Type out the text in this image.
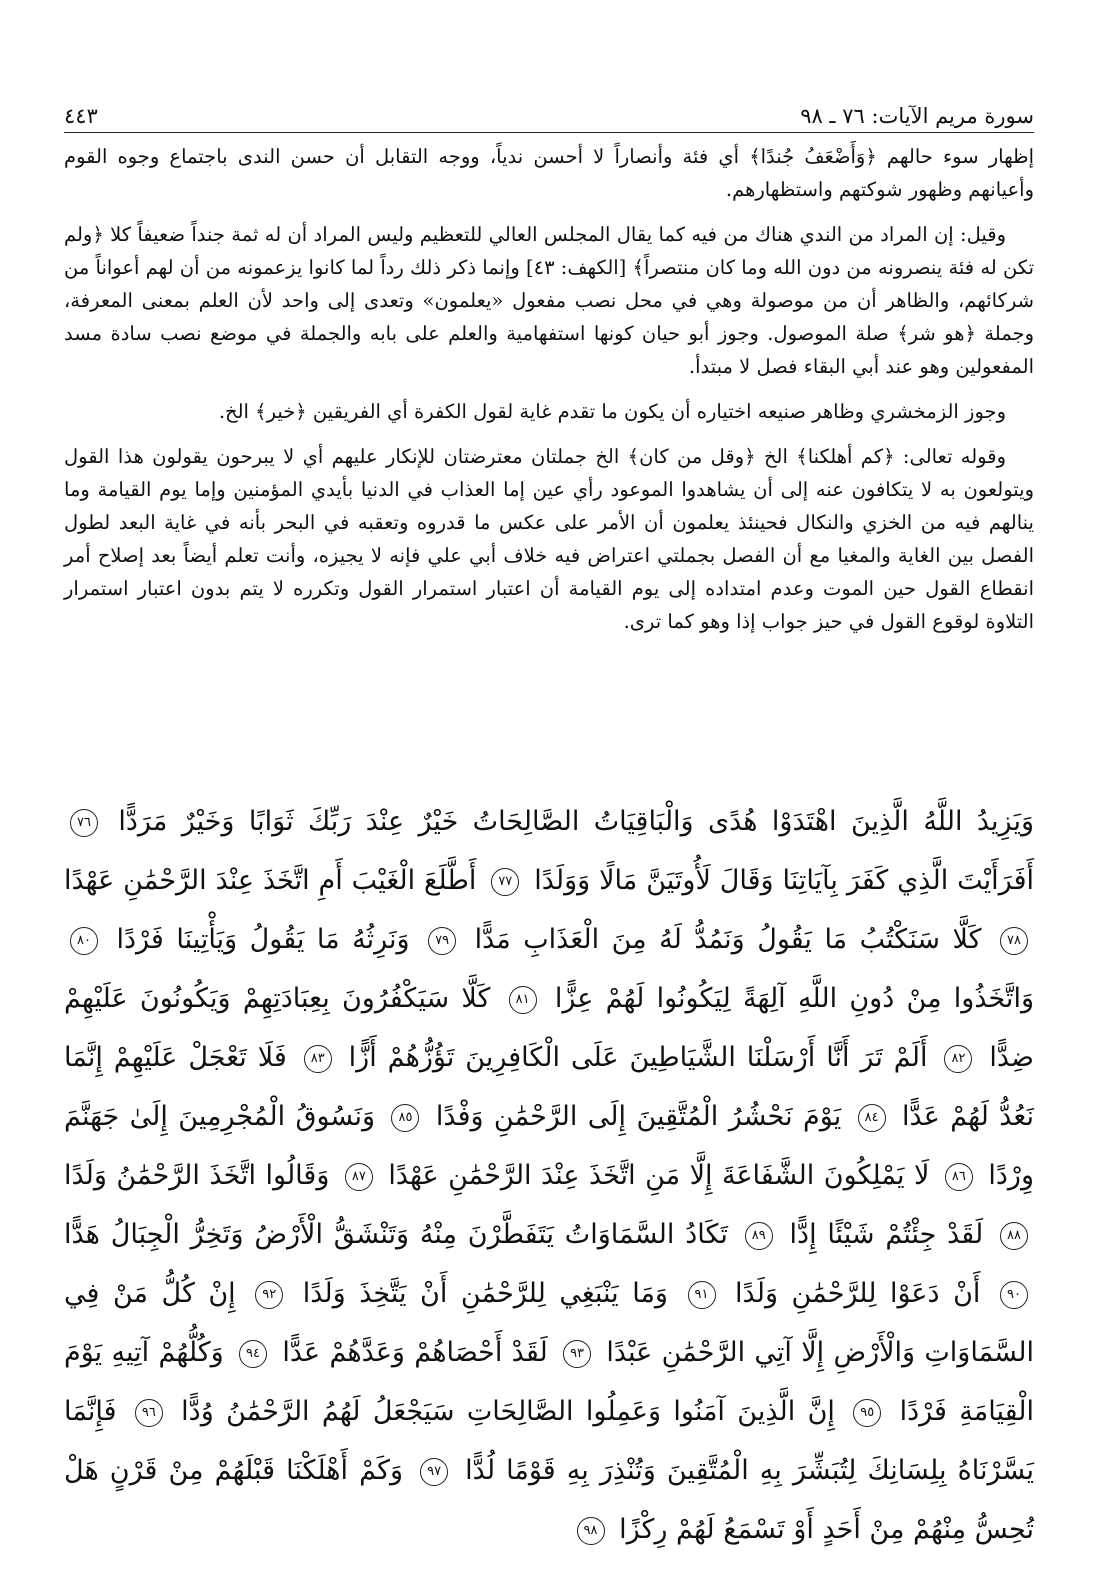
سورة مريم الآيات: ٧٦ ـ ٩٨
٤٤٣

إظهار سوء حالهم ﴿وَأَضْعَفُ جُندًا﴾ أي فئة وأنصاراً لا أحسن ندياً، ووجه التقابل أن حسن الندى باجتماع وجوه القوم وأعيانهم وظهور شوكتهم واستظهارهم.

وقيل: إن المراد من الندي هناك من فيه كما يقال المجلس العالي للتعظيم وليس المراد أن له ثمة جنداً ضعيفاً كلا ﴿ولم تكن له فئة ينصرونه من دون الله وما كان منتصراً﴾ [الكهف: ٤٣] وإنما ذكر ذلك رداً لما كانوا يزعمونه من أن لهم أعواناً من شركائهم، والظاهر أن من موصولة وهي في محل نصب مفعول «يعلمون» وتعدى إلى واحد لأن العلم بمعنى المعرفة، وجملة ﴿هو شر﴾ صلة الموصول. وجوز أبو حيان كونها استفهامية والعلم على بابه والجملة في موضع نصب سادة مسد المفعولين وهو عند أبي البقاء فصل لا مبتدأ.

وجوز الزمخشري وظاهر صنيعه اختياره أن يكون ما تقدم غاية لقول الكفرة أي الفريقين ﴿خير﴾ الخ.

وقوله تعالى: ﴿كم أهلكنا﴾ الخ ﴿وقل من كان﴾ الخ جملتان معترضتان للإنكار عليهم أي لا يبرحون يقولون هذا القول ويتولعون به لا يتكافون عنه إلى أن يشاهدوا الموعود رأي عين إما العذاب في الدنيا بأيدي المؤمنين وإما يوم القيامة وما ينالهم فيه من الخزي والنكال فحينئذ يعلمون أن الأمر على عكس ما قدروه وتعقبه في البحر بأنه في غاية البعد لطول الفصل بين الغاية والمغيا مع أن الفصل بجملتي اعتراض فيه خلاف أبي علي فإنه لا يجيزه، وأنت تعلم أيضاً بعد إصلاح أمر انقطاع القول حين الموت وعدم امتداده إلى يوم القيامة أن اعتبار استمرار القول وتكرره لا يتم بدون اعتبار استمرار التلاوة لوقوع القول في حيز جواب إذا وهو كما ترى.

وَيَزِيدُ اللَّهُ الَّذِينَ اهْتَدَوْا هُدًى وَالْبَاقِيَاتُ الصَّالِحَاتُ خَيْرٌ عِنْدَ رَبِّكَ ثَوَابًا وَخَيْرٌ مَرَدًّا ٧٦ أَفَرَأَيْتَ الَّذِي كَفَرَ بِآيَاتِنَا وَقَالَ لَأُوتَيَنَّ مَالًا وَوَلَدًا ٧٧ أَطَّلَعَ الْغَيْبَ أَمِ اتَّخَذَ عِنْدَ الرَّحْمَٰنِ عَهْدًا ٧٨ كَلَّا سَنَكْتُبُ مَا يَقُولُ وَنَمُدُّ لَهُ مِنَ الْعَذَابِ مَدًّا ٧٩ وَنَرِثُهُ مَا يَقُولُ وَيَأْتِينَا فَرْدًا ٨٠ وَاتَّخَذُوا مِنْ دُونِ اللَّهِ آلِهَةً لِيَكُونُوا لَهُمْ عِزًّا ٨١ كَلَّا سَيَكْفُرُونَ بِعِبَادَتِهِمْ وَيَكُونُونَ عَلَيْهِمْ ضِدًّا ٨٢ أَلَمْ تَرَ أَنَّا أَرْسَلْنَا الشَّيَاطِينَ عَلَى الْكَافِرِينَ تَؤُزُّهُمْ أَزًّا ٨٣ فَلَا تَعْجَلْ عَلَيْهِمْ إِنَّمَا نَعُدُّ لَهُمْ عَدًّا ٨٤ يَوْمَ نَحْشُرُ الْمُتَّقِينَ إِلَى الرَّحْمَٰنِ وَفْدًا ٨٥ وَنَسُوقُ الْمُجْرِمِينَ إِلَىٰ جَهَنَّمَ وِرْدًا ٨٦ لَا يَمْلِكُونَ الشَّفَاعَةَ إِلَّا مَنِ اتَّخَذَ عِنْدَ الرَّحْمَٰنِ عَهْدًا ٨٧ وَقَالُوا اتَّخَذَ الرَّحْمَٰنُ وَلَدًا ٨٨ لَقَدْ جِئْتُمْ شَيْئًا إِدًّا ٨٩ تَكَادُ السَّمَاوَاتُ يَتَفَطَّرْنَ مِنْهُ وَتَنْشَقُّ الْأَرْضُ وَتَخِرُّ الْجِبَالُ هَدًّا ٩٠ أَنْ دَعَوْا لِلرَّحْمَٰنِ وَلَدًا ٩١ وَمَا يَنْبَغِي لِلرَّحْمَٰنِ أَنْ يَتَّخِذَ وَلَدًا ٩٢ إِنْ كُلُّ مَنْ فِي السَّمَاوَاتِ وَالْأَرْضِ إِلَّا آتِي الرَّحْمَٰنِ عَبْدًا ٩٣ لَقَدْ أَحْصَاهُمْ وَعَدَّهُمْ عَدًّا ٩٤ وَكُلُّهُمْ آتِيهِ يَوْمَ الْقِيَامَةِ فَرْدًا ٩٥ إِنَّ الَّذِينَ آمَنُوا وَعَمِلُوا الصَّالِحَاتِ سَيَجْعَلُ لَهُمُ الرَّحْمَٰنُ وُدًّا ٩٦ فَإِنَّمَا يَسَّرْنَاهُ بِلِسَانِكَ لِتُبَشِّرَ بِهِ الْمُتَّقِينَ وَتُنْذِرَ بِهِ قَوْمًا لُدًّا ٩٧ وَكَمْ أَهْلَكْنَا قَبْلَهُمْ مِنْ قَرْنٍ هَلْ تُحِسُّ مِنْهُمْ مِنْ أَحَدٍ أَوْ تَسْمَعُ لَهُمْ رِكْزًا ٩٨
